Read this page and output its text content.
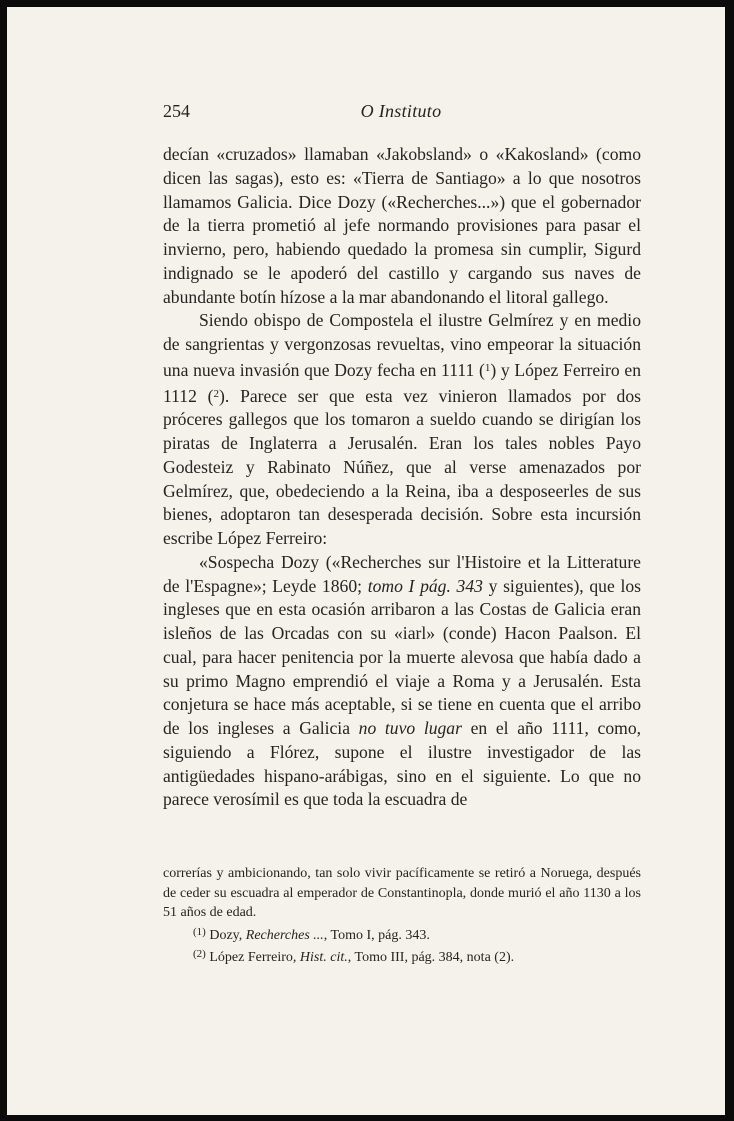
254	O Instituto

decían «cruzados» llamaban «Jakobsland» o «Kakosland» (como dicen las sagas), esto es: «Tierra de Santiago» a lo que nosotros llamamos Galicia. Dice Dozy («Recherches...») que el gobernador de la tierra prometió al jefe normando provisiones para pasar el invierno, pero, habiendo quedado la promesa sin cumplir, Sigurd indignado se le apoderó del castillo y cargando sus naves de abundante botín hízose a la mar abandonando el litoral gallego.

Siendo obispo de Compostela el ilustre Gelmírez y en medio de sangrientas y vergonzosas revueltas, vino empeorar la situación una nueva invasión que Dozy fecha en 1111 ($^1$) y López Ferreiro en 1112 ($^2$). Parece ser que esta vez vinieron llamados por dos próceres gallegos que los tomaron a sueldo cuando se dirigían los piratas de Inglaterra a Jerusalén. Eran los tales nobles Payo Godesteiz y Rabinato Núñez, que al verse amenazados por Gelmírez, que, obedeciendo a la Reina, iba a desposeerles de sus bienes, adoptaron tan desesperada decisión. Sobre esta incursión escribe López Ferreiro:

«Sospecha Dozy («Recherches sur l'Histoire et la Litterature de l'Espagne»; Leyde 1860; tomo I pág. 343 y siguientes), que los ingleses que en esta ocasión arribaron a las Costas de Galicia eran isleños de las Orcadas con su «iarl» (conde) Hacon Paalson. El cual, para hacer penitencia por la muerte alevosa que había dado a su primo Magno emprendió el viaje a Roma y a Jerusalén. Esta conjetura se hace más aceptable, si se tiene en cuenta que el arribo de los ingleses a Galicia no tuvo lugar en el año 1111, como, siguiendo a Flórez, supone el ilustre investigador de las antigüedades hispano-arábigas, sino en el siguiente. Lo que no parece verosímil es que toda la escuadra de

correrías y ambicionando, tan solo vivir pacíficamente se retiró a Noruega, después de ceder su escuadra al emperador de Constantinopla, donde murió el año 1130 a los 51 años de edad.

$^{(1)}$ Dozy, Recherches ..., Tomo I, pág. 343.

$^{(2)}$ López Ferreiro, Hist. cit., Tomo III, pág. 384, nota (2).
